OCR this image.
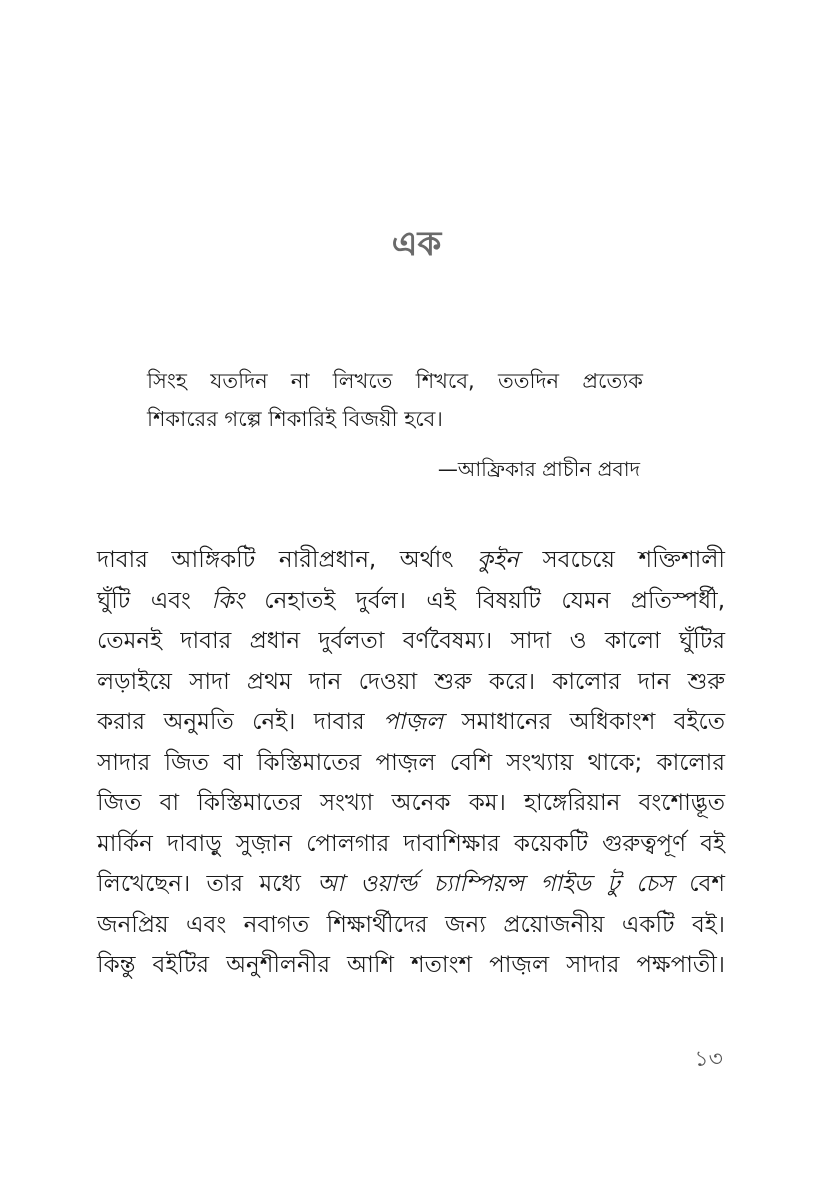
এক
সিংহ যতদিন না লিখতে শিখবে, ততদিন প্রত্যেক
শিকারের গল্পে শিকারিই বিজয়ী হবে।
—আফ্রিকার প্রাচীন প্রবাদ
দাবার আঙ্গিকটি নারীপ্রধান, অর্থাৎ কুইন সবচেয়ে শক্তিশালী
ঘুঁটি এবং কিং নেহাতই দুর্বল। এই বিষয়টি যেমন প্রতিস্পর্ধী,
তেমনই দাবার প্রধান দুর্বলতা বর্ণবৈষম্য। সাদা ও কালো ঘুঁটির
লড়াইয়ে সাদা প্রথম দান দেওয়া শুরু করে। কালোর দান শুরু
করার অনুমতি নেই। দাবার পাজ়ল সমাধানের অধিকাংশ বইতে
সাদার জিত বা কিস্তিমাতের পাজ়ল বেশি সংখ্যায় থাকে; কালোর
জিত বা কিস্তিমাতের সংখ্যা অনেক কম। হাঙ্গেরিয়ান বংশোদ্ভূত
মার্কিন দাবাড়ু সুজ়ান পোলগার দাবাশিক্ষার কয়েকটি গুরুত্বপূর্ণ বই
লিখেছেন। তার মধ্যে আ ওয়ার্ল্ড চ্যাম্পিয়ন্স গাইড টু চেস বেশ
জনপ্রিয় এবং নবাগত শিক্ষার্থীদের জন্য প্রয়োজনীয় একটি বই।
কিন্তু বইটির অনুশীলনীর আশি শতাংশ পাজ়ল সাদার পক্ষপাতী।
১৩
